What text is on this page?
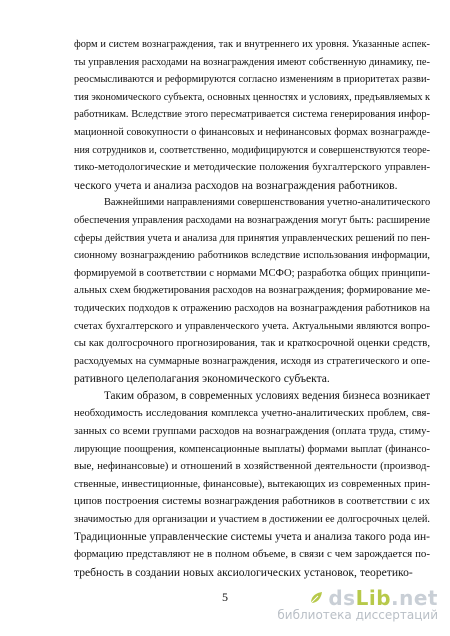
форм и систем вознаграждения, так и внутреннего их уровня. Указанные аспек-
ты управления расходами на вознаграждения имеют собственную динамику, пе-
реосмысливаются и реформируются согласно изменениям в приоритетах разви-
тия экономического субъекта, основных ценностях и условиях, предъявляемых к
работникам. Вследствие этого пересматривается система генерирования инфор-
мационной совокупности о финансовых и нефинансовых формах вознагражде-
ния сотрудников и, соответственно, модифицируются и совершенствуются теоре-
тико-методологические и методические положения бухгалтерского управлен-
ческого учета и анализа расходов на вознаграждения работников.
Важнейшими направлениями совершенствования учетно-аналитического
обеспечения управления расходами на вознаграждения могут быть: расширение
сферы действия учета и анализа для принятия управленческих решений по пен-
сионному вознаграждению работников вследствие использования информации,
формируемой в соответствии с нормами МСФО; разработка общих принципи-
альных схем бюджетирования расходов на вознаграждения; формирование ме-
тодических подходов к отражению расходов на вознаграждения работников на
счетах бухгалтерского и управленческого учета. Актуальными являются вопро-
сы как долгосрочного прогнозирования, так и краткосрочной оценки средств,
расходуемых на суммарные вознаграждения, исходя из стратегического и опе-
ративного целеполагания экономического субъекта.
Таким образом, в современных условиях ведения бизнеса возникает
необходимость исследования комплекса учетно-аналитических проблем, свя-
занных со всеми группами расходов на вознаграждения (оплата труда, стиму-
лирующие поощрения, компенсационные выплаты) формами выплат (финансо-
вые, нефинансовые) и отношений в хозяйственной деятельности (производ-
ственные, инвестиционные, финансовые), вытекающих из современных прин-
ципов построения системы вознаграждения работников в соответствии с их
значимостью для организации и участием в достижении ее долгосрочных целей.
Традиционные управленческие системы учета и анализа такого рода ин-
формацию представляют не в полном объеме, в связи с чем зарождается по-
требность в создании новых аксиологических установок, теоретико-
5	dsLib.net
библиотека диссертаций
